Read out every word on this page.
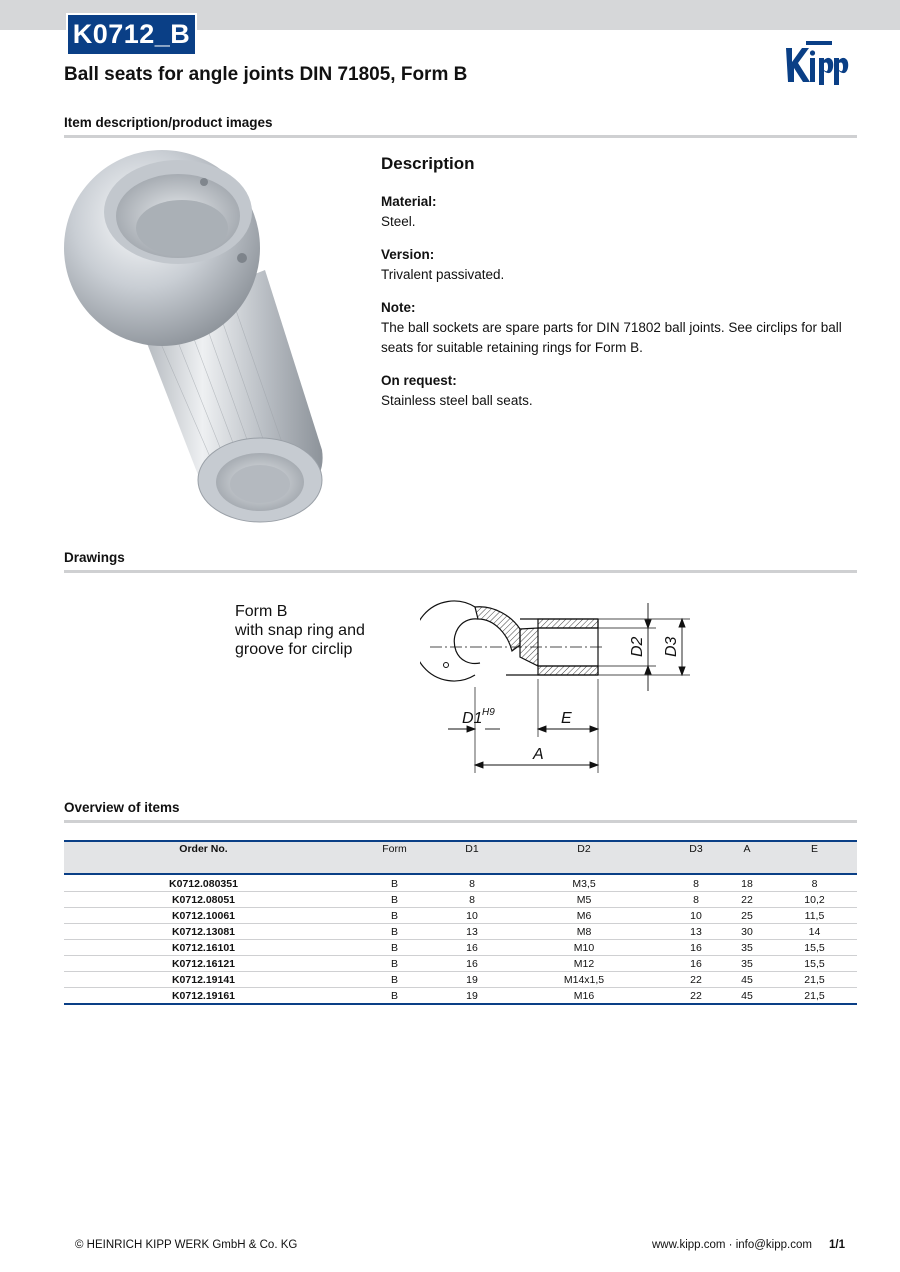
K0712_B
Ball seats for angle joints DIN 71805, Form B
Kipp
Item description/product images
Description
Material:
Steel.
Version:
Trivalent passivated.
Note:
The ball sockets are spare parts for DIN 71802 ball joints. See circlips for ball seats for suitable retaining rings for Form B.
On request:
Stainless steel ball seats.
Drawings
Form B
with snap ring and
groove for circlip	D2 D3
D1 H9	E
A
Overview of items
Order No.	Form	D1	D2	D3	A	E
K0712.080351	B	8	M3,5	8	18	8
K0712.08051	B	8	M5	8	22	10,2
K0712.10061	B	10	M6	10	25	11,5
K0712.13081	B	13	M8	13	30	14
K0712.16101	B	16	M10	16	35	15,5
K0712.16121	B	16	M12	16	35	15,5
K0712.19141	B	19	M14x1,5	22	45	21,5
K0712.19161	B	19	M16	22	45	21,5
© HEINRICH KIPP WERK GmbH & Co. KG	www.kipp.com · info@kipp.com 1/1
